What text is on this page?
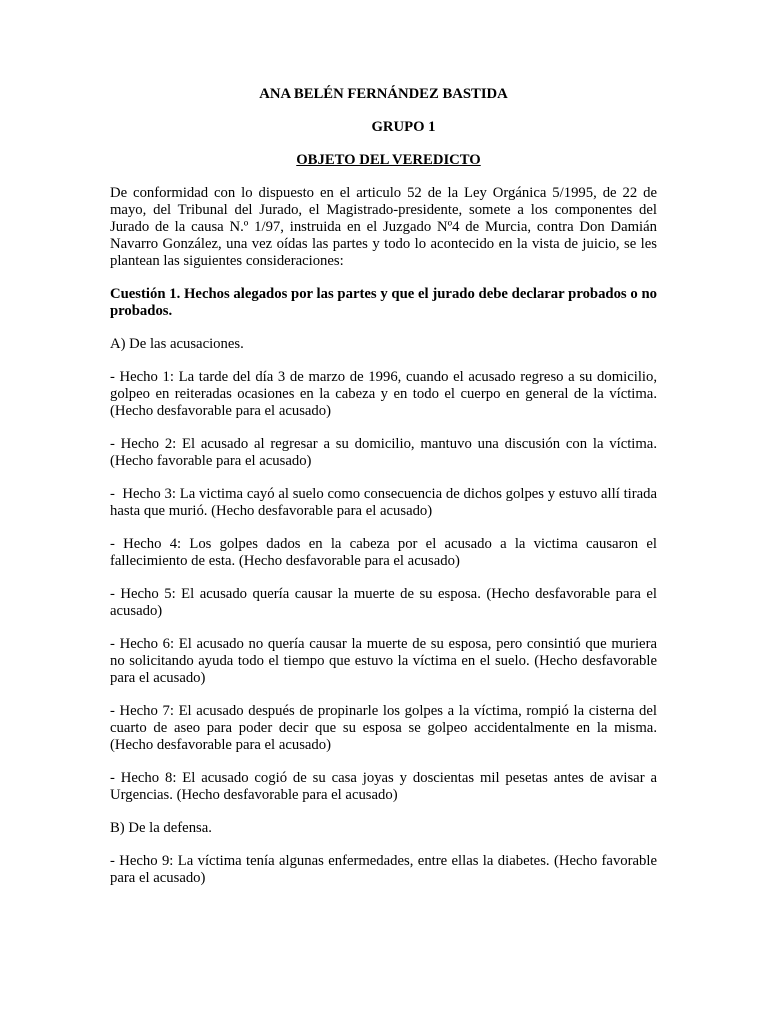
ANA BELÉN FERNÁNDEZ BASTIDA

GRUPO 1

OBJETO DEL VEREDICTO

De conformidad con lo dispuesto en el articulo 52 de la Ley Orgánica 5/1995, de 22 de mayo, del Tribunal del Jurado, el Magistrado-presidente, somete a los componentes del Jurado de la causa N.º 1/97, instruida en el Juzgado Nº4 de Murcia, contra Don Damián Navarro González, una vez oídas las partes y todo lo acontecido en la vista de juicio, se les plantean las siguientes consideraciones:

Cuestión 1. Hechos alegados por las partes y que el jurado debe declarar probados o no probados.

A) De las acusaciones.

- Hecho 1: La tarde del día 3 de marzo de 1996, cuando el acusado regreso a su domicilio, golpeo en reiteradas ocasiones en la cabeza y en todo el cuerpo en general de la víctima. (Hecho desfavorable para el acusado)

- Hecho 2: El acusado al regresar a su domicilio, mantuvo una discusión con la víctima. (Hecho favorable para el acusado)

-  Hecho 3: La victima cayó al suelo como consecuencia de dichos golpes y estuvo allí tirada hasta que murió. (Hecho desfavorable para el acusado)

- Hecho 4: Los golpes dados en la cabeza por el acusado a la victima causaron el fallecimiento de esta. (Hecho desfavorable para el acusado)

- Hecho 5: El acusado quería causar la muerte de su esposa. (Hecho desfavorable para el acusado)

- Hecho 6: El acusado no quería causar la muerte de su esposa, pero consintió que muriera no solicitando ayuda todo el tiempo que estuvo la víctima en el suelo. (Hecho desfavorable para el acusado)

- Hecho 7: El acusado después de propinarle los golpes a la víctima, rompió la cisterna del cuarto de aseo para poder decir que su esposa se golpeo accidentalmente en la misma. (Hecho desfavorable para el acusado)

- Hecho 8: El acusado cogió de su casa joyas y doscientas mil pesetas antes de avisar a Urgencias. (Hecho desfavorable para el acusado)

B) De la defensa.

- Hecho 9: La víctima tenía algunas enfermedades, entre ellas la diabetes. (Hecho favorable para el acusado)
